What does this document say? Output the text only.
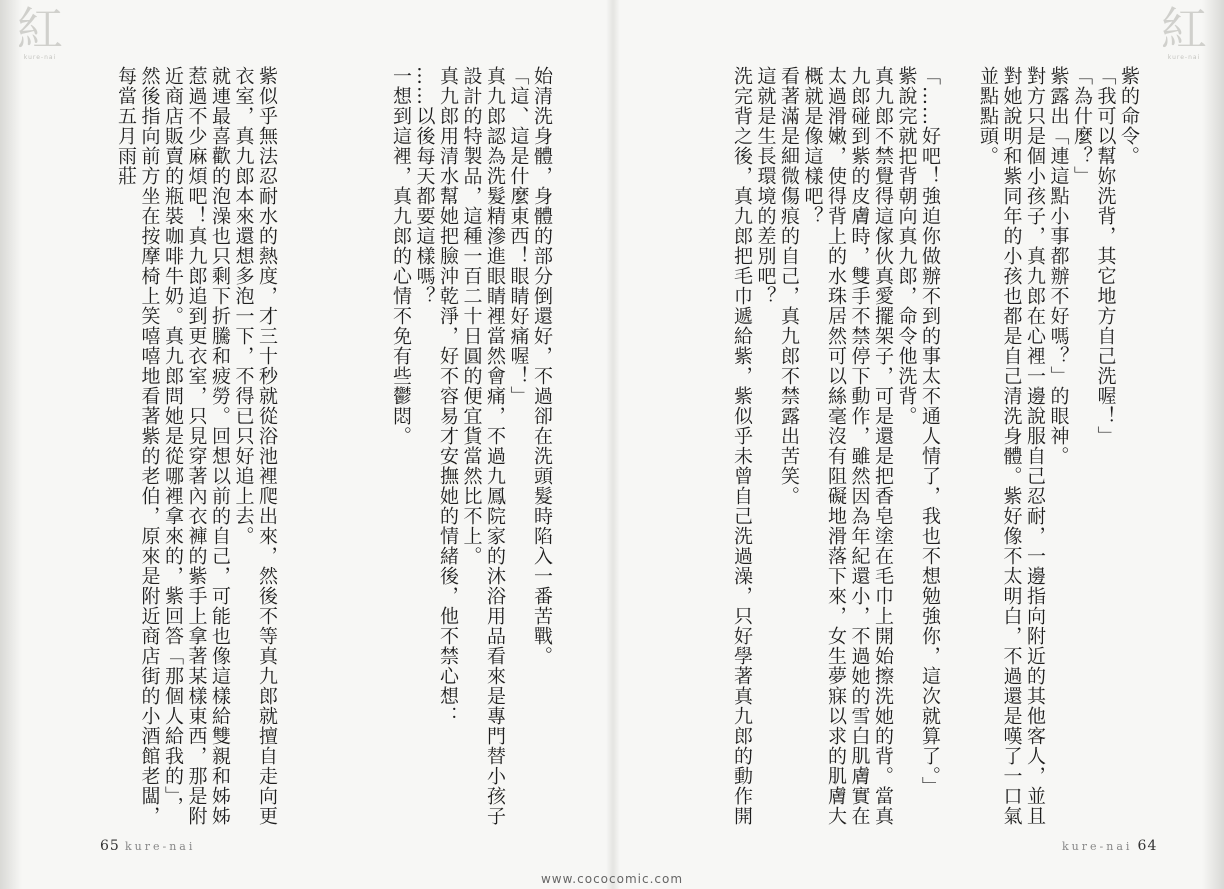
紅
kure-nai
紅
kure-nai

紫的命令。

「我可以幫妳洗背，其它地方自己洗喔！」

「為什麼？」

紫露出「連這點小事都辦不好嗎？」的眼神。

對方只是個小孩子，真九郎在心裡一邊說服自己忍耐，一邊指向附近的其他客人，並且對她說明和紫同年的小孩也都是自己清洗身體。紫好像不太明白，不過還是嘆了一口氣並點點頭。

「……好吧！強迫你做辦不到的事太不通人情了，我也不想勉強你，這次就算了。」

紫說完就把背朝向真九郎，命令他洗背。

真九郎不禁覺得這傢伙真愛擺架子，可是還是把香皂塗在毛巾上開始擦洗她的背。當真九郎碰到紫的皮膚時，雙手不禁停下動作，雖然因為年紀還小，不過她的雪白肌膚實在太過滑嫩，使得背上的水珠居然可以絲毫沒有阻礙地滑落下來，女生夢寐以求的肌膚大概就是像這樣吧？

看著滿是細微傷痕的自己，真九郎不禁露出苦笑。

這就是生長環境的差別吧？

洗完背之後，真九郎把毛巾遞給紫，紫似乎未曾自己洗過澡，只好學著真九郎的動作開

始清洗身體，身體的部分倒還好，不過卻在洗頭髮時陷入一番苦戰。

「這、這是什麼東西！眼睛好痛喔！」

真九郎認為洗髮精滲進眼睛裡當然會痛，不過九鳳院家的沐浴用品看來是專門替小孩子設計的特製品，這種一百二十日圓的便宜貨當然比不上。

真九郎用清水幫她把臉沖乾淨，好不容易才安撫她的情緒後，他不禁心想：

……以後每天都要這樣嗎？

一想到這裡，真九郎的心情不免有些鬱悶。

紫似乎無法忍耐水的熱度，才三十秒就從浴池裡爬出來，然後不等真九郎就擅自走向更衣室，真九郎本來還想多泡一下，不得已只好追上去。

就連最喜歡的泡澡也只剩下折騰和疲勞。回想以前的自己，可能也像這樣給雙親和姊姊惹過不少麻煩吧！真九郎追到更衣室，只見穿著內衣褲的紫手上拿著某樣東西，那是附近商店販賣的瓶裝咖啡牛奶。真九郎問她是從哪裡拿來的，紫回答「那個人給我的」，然後指向前方坐在按摩椅上笑嘻嘻地看著紫的老伯，原來是附近商店街的小酒館老闆，每當五月雨莊

65 kure-nai	kure-nai 64
www.cococomic.com
